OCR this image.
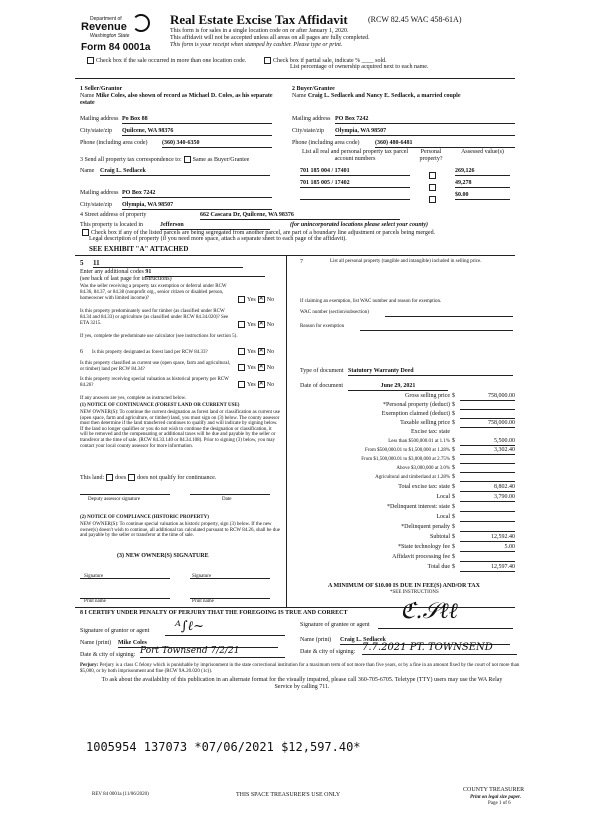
Department of
Revenue
Washington State
Form 84 0001a
Real Estate Excise Tax Affidavit	(RCW 82.45 WAC 458-61A)
This form is for sales in a single location code on or after January 1, 2020.
This affidavit will not be accepted unless all areas on all pages are fully completed.
This form is your receipt when stamped by cashier. Please type or print.
Check box if the sale occurred in more than one location code.	Check box if partial sale, indicate % ____ sold.
List percentage of ownership acquired next to each name.
1 Seller/Grantor
Name Mike Coles, also shown of record as Michael D. Coles, as his separate estate
Mailing address Po Box 88
City/state/zip Quilcene, WA 98376
Phone (including area code) (360) 340-6350
2 Buyer/Grantee
Name Craig L. Sedlacek and Nancy E. Sedlacek, a married couple
Mailing address PO Box 7242
City/state/zip Olympia, WA 98507
Phone (including area code)	(360) 480-6481
3 Send all property tax correspondence to: Same as Buyer/Grantee
Name Craig L. Sedlacek
Mailing address PO Box 7242
City/state/zip Olympia, WA 98507
List all real and personal property tax parcel account numbers
Personal property?
Assessed value(s)
701 185 004 / 17401	269,126
701 185 005 / 17402	49,278
$0.00
4 Street address of property	662 Cascara Dr, Quilcene, WA 98376
This property is located in	Jefferson	(for unincorporated locations please select your county)
Check box if any of the listed parcels are being segregated from another parcel, are part of a boundary line adjustment or parcels being merged.
Legal description of property (if you need more space, attach a separate sheet to each page of the affidavit).
SEE EXHIBIT "A" ATTACHED
5 11
Enter any additional codes 91
(see back of last page for instructions)
Was the seller receiving a property tax exemption or deferral under RCW 84.36, 84.37, or 84.38 (nonprofit org., senior citizen or disabled person, homeowner with limited income)?	Yes ✕ No
Is this property predominately used for timber (as classified under RCW 84.34 and 84.33) or agriculture (as classified under RCW 84.34.020)? See ETA 3215.	Yes ✕ No
If yes, complete the predominate use calculator (see instructions for section 5).
6 Is this property designated as forest land per RCW 84.33?	Yes ✕ No
Is this property classified as current use (open space, farm and agricultural, or timber) land per RCW 84.34?	Yes ✕ No
Is this property receiving special valuation as historical property per RCW 84.26?	Yes ✕ No
If any answers are yes, complete as instructed below.
(1) NOTICE OF CONTINUANCE (FOREST LAND OR CURRENT USE)
NEW OWNER(S): To continue the current designation as forest land or classification as current use (open space, farm and agriculture, or timber) land, you must sign on (3) below. The county assessor must then determine if the land transferred continues to qualify and will indicate by signing below. If the land no longer qualifies or you do not wish to continue the designation or classification, it will be removed and the compensating or additional taxes will be due and payable by the seller or transferor at the time of sale. (RCW 84.33.140 or 84.34.108). Prior to signing (3) below, you may contact your local county assessor for more information.
This land: does does not qualify for continuance.
Deputy assessor signature	Date
(2) NOTICE OF COMPLIANCE (HISTORIC PROPERTY)
NEW OWNER(S): To continue special valuation as historic property, sign (3) below. If the new owner(s) doesn't wish to continue, all additional tax calculated pursuant to RCW 84.26, shall be due and payable by the seller or transferor at the time of sale.
(3) NEW OWNER(S) SIGNATURE
Signature	Signature
Print name	Print name
7	List all personal property (tangible and intangible) included in selling price.
If claiming an exemption, list WAC number and reason for exemption.
WAC number (section/subsection)
Reason for exemption
Type of document Statutory Warranty Deed
Date of document	June 29, 2021
Gross selling price $	758,000.00
*Personal property (deduct) $
Exemption claimed (deduct) $
Taxable selling price $	758,000.00
Excise tax: state
Less than $500,000.01 at 1.1% $	5,500.00
From $500,000.01 to $1,500,000 at 1.28% $	3,302.40
From $1,500,000.01 to $3,000,000 at 2.75% $
Above $3,000,000 at 3.0% $
Agricultural and timberland at 1.28% $
Total excise tax: state $	8,802.40
Local $	3,790.00
*Delinquent interest: state $
Local $
*Delinquent penalty $
Subtotal $	12,592.40
*State technology fee $	5.00
Affidavit processing fee $
Total due $	12,597.40
A MINIMUM OF $10.00 IS DUE IN FEE(S) AND/OR TAX
*SEE INSTRUCTIONS
8 I CERTIFY UNDER PENALTY OF PERJURY THAT THE FOREGOING IS TRUE AND CORRECT
Signature of grantor or agent ᴬ∫ℓ~	Signature of grantee or agent
ℭ.𝒮ℓℓ
Name (print) Mike Coles	Name (print) Craig L. Sedlacek
Date & city of signing: Port Townsend 7/2/21	Date & city of signing: 7.7.2021 PT. TOWNSEND
Perjury: Perjury is a class C felony which is punishable by imprisonment in the state correctional institution for a maximum term of not more than five years, or by a fine in an amount fixed by the court of not more than $5,000, or by both imprisonment and fine (RCW 9A.20.020 (1c)).
To ask about the availability of this publication in an alternate format for the visually impaired, please call 360-705-6705. Teletype (TTY) users may use the WA Relay Service by calling 711.
1005954 137073 *07/06/2021 $12,597.40*
REV 84 0001a (11/06/2020)	THIS SPACE TREASURER'S USE ONLY
COUNTY TREASURER
Print on legal size paper.
Page 1 of 6
